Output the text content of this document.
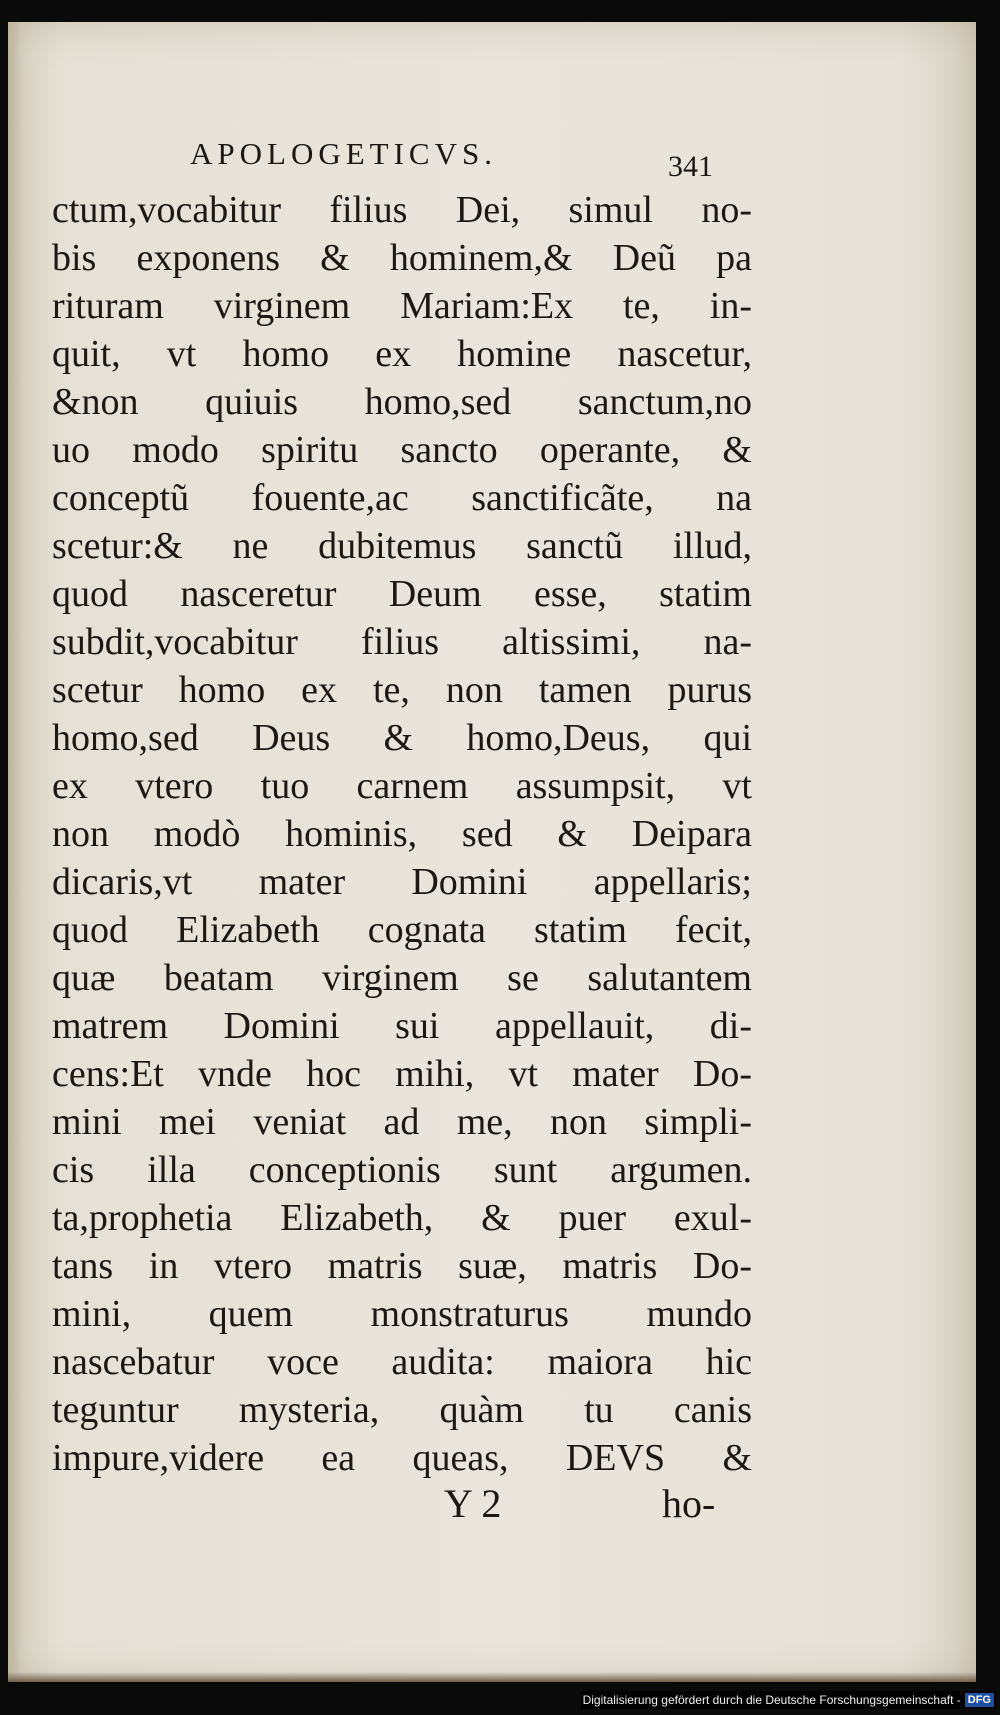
APOLOGETICVS.	341
ctum,vocabitur filius Dei, simul no-
bis exponens & hominem,& Deũ pa
rituram virginem Mariam:Ex te, in-
quit, vt homo ex homine nascetur,
&non quiuis homo,sed sanctum,no
uo modo spiritu sancto operante, &
conceptũ fouente,ac sanctificãte, na
scetur:& ne dubitemus sanctũ illud,
quod nasceretur Deum esse, statim
subdit,vocabitur filius altissimi, na-
scetur homo ex te, non tamen purus
homo,sed Deus & homo,Deus, qui
ex vtero tuo carnem assumpsit, vt
non modò hominis, sed & Deipara
dicaris,vt mater Domini appellaris;
quod Elizabeth cognata statim fecit,
quæ beatam virginem se salutantem
matrem Domini sui appellauit, di-
cens:Et vnde hoc mihi, vt mater Do-
mini mei veniat ad me, non simpli-
cis illa conceptionis sunt argumen.
ta,prophetia Elizabeth, & puer exul-
tans in vtero matris suæ, matris Do-
mini, quem monstraturus mundo
nascebatur voce audita: maiora hic
teguntur mysteria, quàm tu canis
impure,videre ea queas, DEVS &
Y 2	ho-
Digitalisierung gefördert durch die Deutsche Forschungsgemeinschaft - DFG
